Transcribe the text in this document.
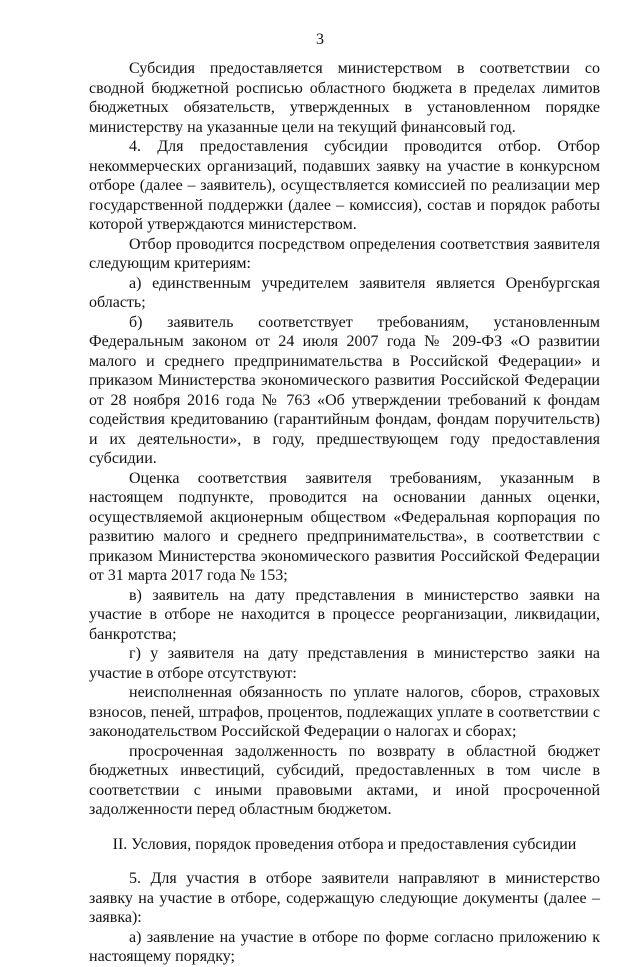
3

Субсидия предоставляется министерством в соответствии со сводной бюджетной росписью областного бюджета в пределах лимитов бюджетных обязательств, утвержденных в установленном порядке министерству на указанные цели на текущий финансовый год.

4. Для предоставления субсидии проводится отбор. Отбор некоммерческих организаций, подавших заявку на участие в конкурсном отборе (далее – заявитель), осуществляется комиссией по реализации мер государственной поддержки (далее – комиссия), состав и порядок работы которой утверждаются министерством.

Отбор проводится посредством определения соответствия заявителя следующим критериям:

а) единственным учредителем заявителя является Оренбургская область;

б) заявитель соответствует требованиям, установленным Федеральным законом от 24 июля 2007 года № 209-ФЗ «О развитии малого и среднего предпринимательства в Российской Федерации» и приказом Министерства экономического развития Российской Федерации от 28 ноября 2016 года № 763 «Об утверждении требований к фондам содействия кредитованию (гарантийным фондам, фондам поручительств) и их деятельности», в году, предшествующем году предоставления субсидии.

Оценка соответствия заявителя требованиям, указанным в настоящем подпункте, проводится на основании данных оценки, осуществляемой акционерным обществом «Федеральная корпорация по развитию малого и среднего предпринимательства», в соответствии с приказом Министерства экономического развития Российской Федерации от 31 марта 2017 года № 153;

в) заявитель на дату представления в министерство заявки на участие в отборе не находится в процессе реорганизации, ликвидации, банкротства;

г) у заявителя на дату представления в министерство заяки на участие в отборе отсутствуют:

неисполненная обязанность по уплате налогов, сборов, страховых взносов, пеней, штрафов, процентов, подлежащих уплате в соответствии с законодательством Российской Федерации о налогах и сборах;

просроченная задолженность по возврату в областной бюджет бюджетных инвестиций, субсидий, предоставленных в том числе в соответствии с иными правовыми актами, и иной просроченной задолженности перед областным бюджетом.

II. Условия, порядок проведения отбора и предоставления субсидии

5. Для участия в отборе заявители направляют в министерство заявку на участие в отборе, содержащую следующие документы (далее – заявка):

а) заявление на участие в отборе по форме согласно приложению к настоящему порядку;
